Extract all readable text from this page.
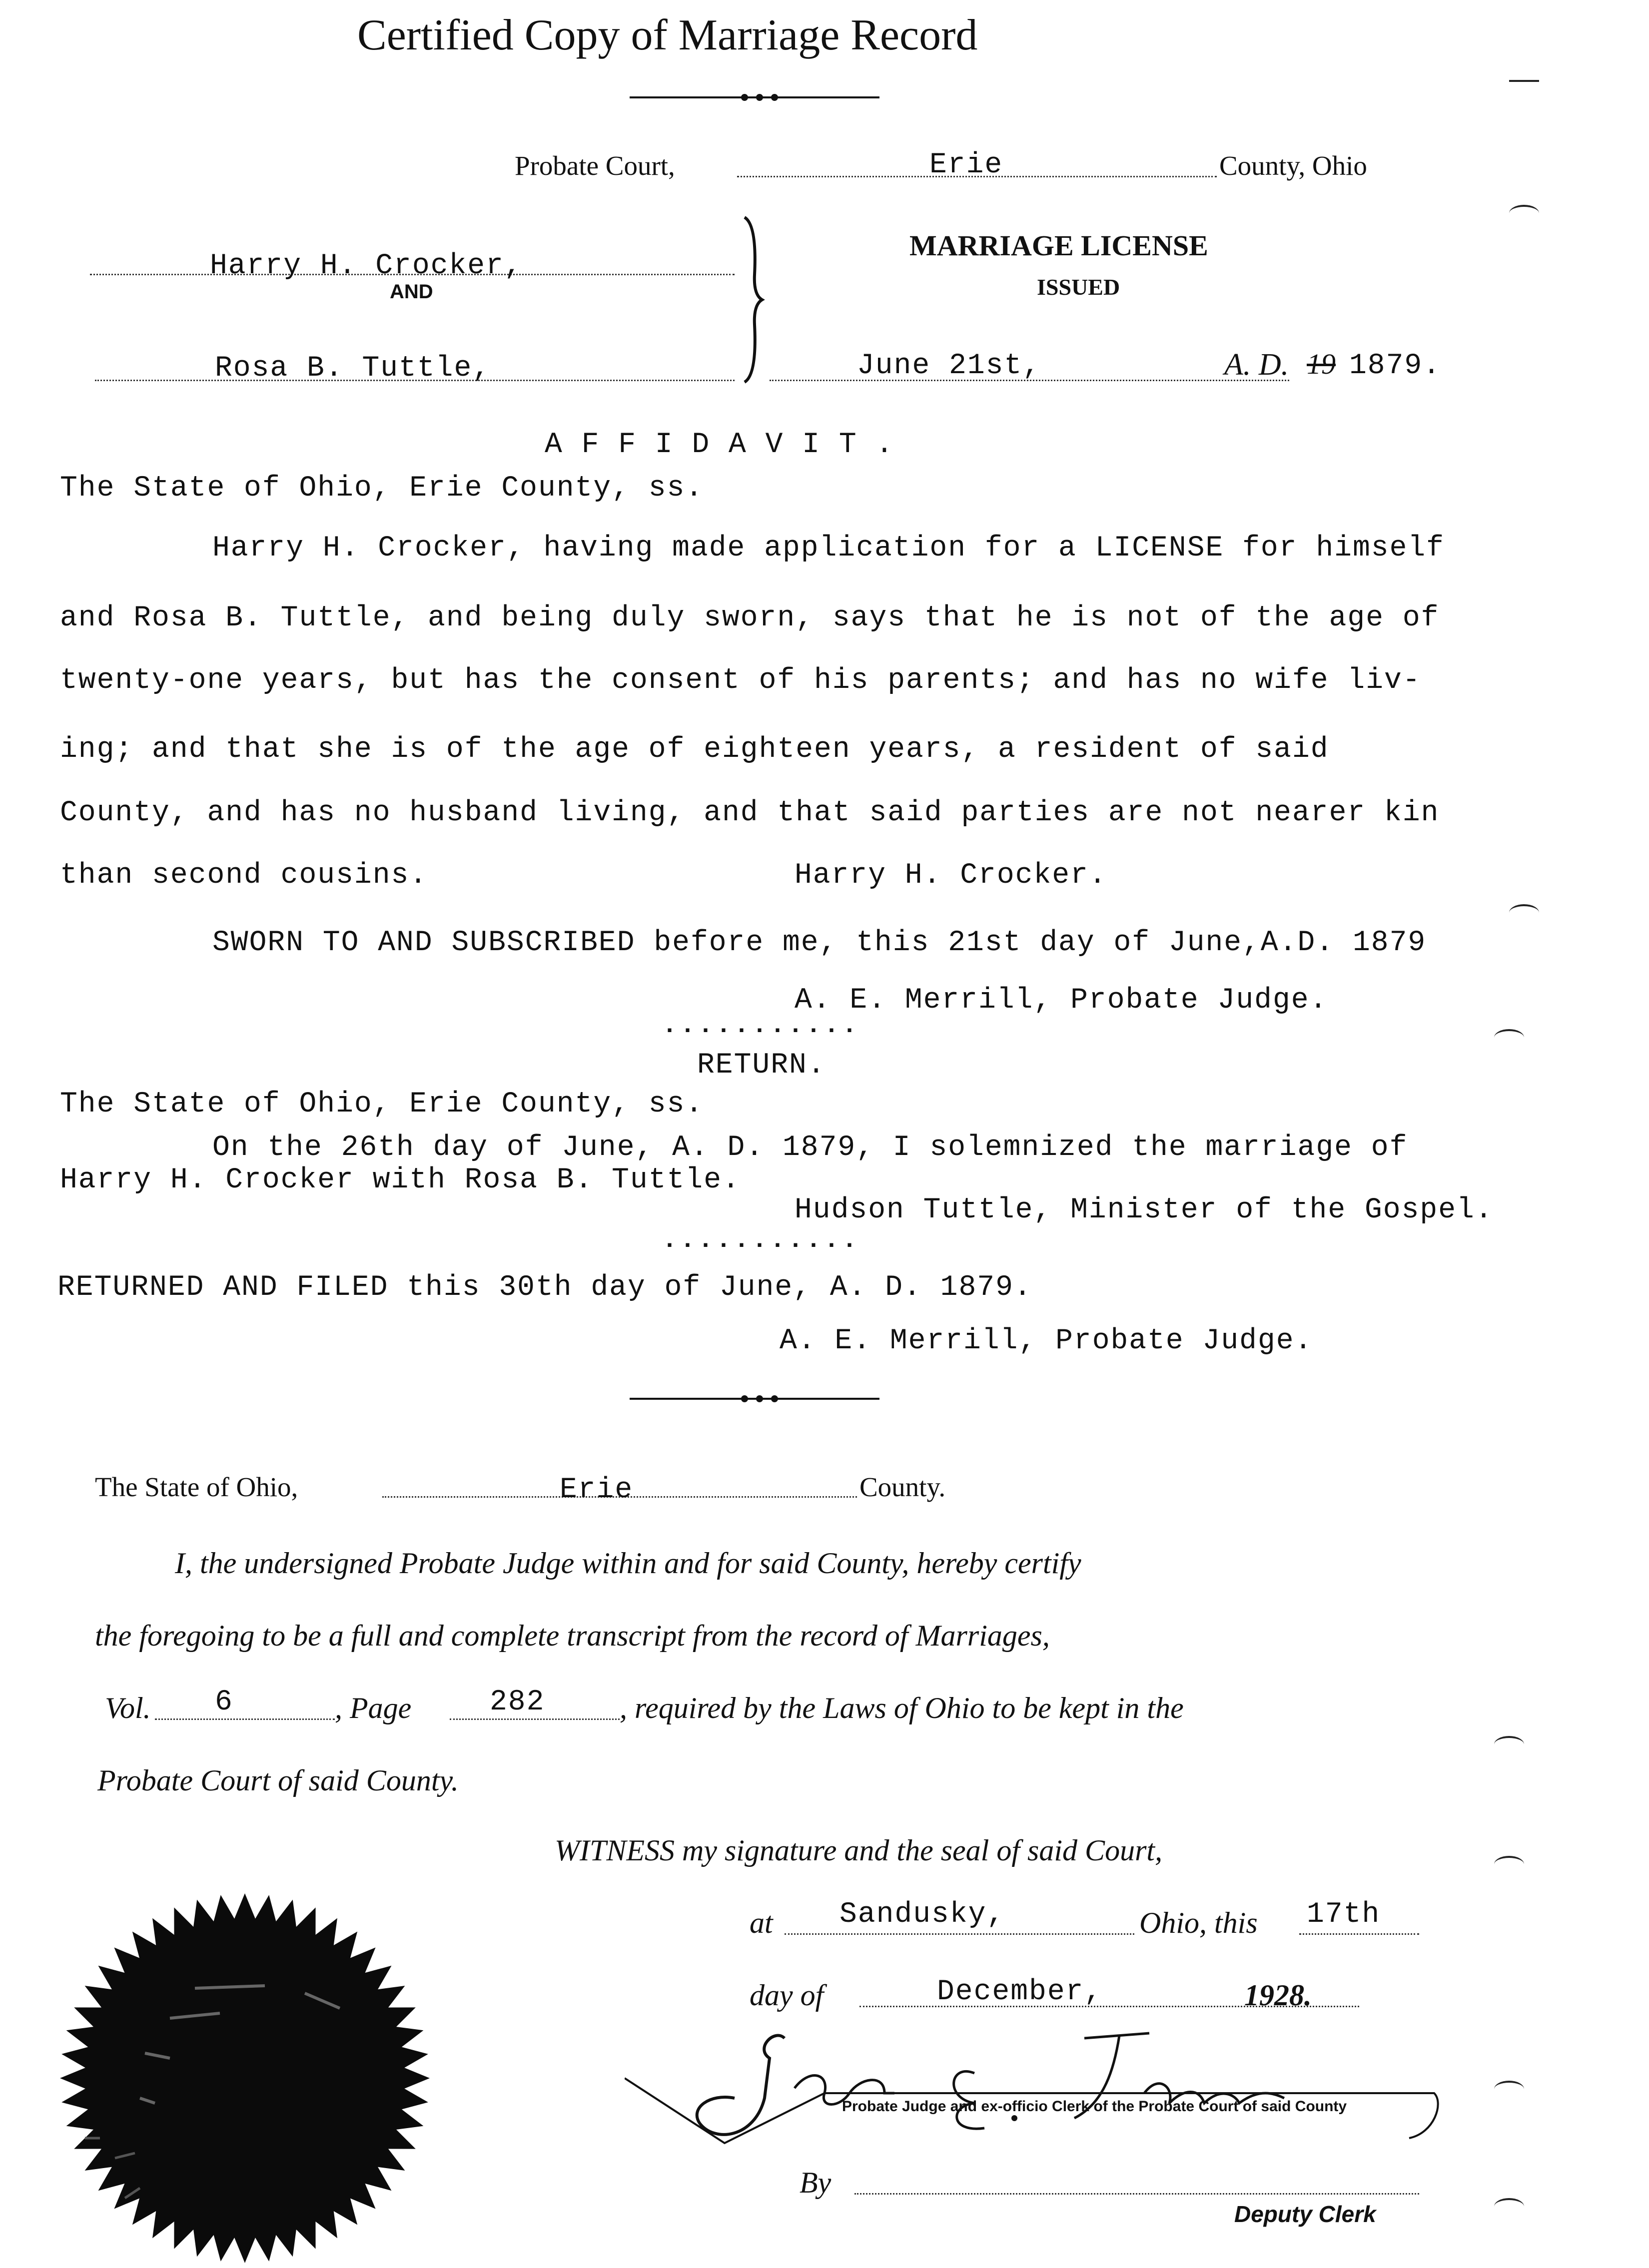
Certified Copy of Marriage Record
Probate Court,	Erie	County, Ohio
Harry H. Crocker,
AND
Rosa B. Tuttle,
MARRIAGE LICENSE
ISSUED
June 21st,	A. D. 19 1879.
A F F I D A V I T .
The State of Ohio, Erie County, ss.
Harry H. Crocker, having made application for a LICENSE for himself
and Rosa B. Tuttle, and being duly sworn, says that he is not of the age of
twenty-one years, but has the consent of his parents; and has no wife liv-
ing; and that she is of the age of eighteen years, a resident of said
County, and has no husband living, and that said parties are not nearer kin
than second cousins.	Harry H. Crocker.
SWORN TO AND SUBSCRIBED before me, this 21st day of June,A.D. 1879
A. E. Merrill, Probate Judge.
...........
RETURN.
The State of Ohio, Erie County, ss.
On the 26th day of June, A. D. 1879, I solemnized the marriage of
Harry H. Crocker with Rosa B. Tuttle.
Hudson Tuttle, Minister of the Gospel.
...........
RETURNED AND FILED this 30th day of June, A. D. 1879.
A. E. Merrill, Probate Judge.
The State of Ohio,	Erie	County.
I, the undersigned Probate Judge within and for said County, hereby certify
the foregoing to be a full and complete transcript from the record of Marriages,
Vol. 6	, Page	282 , required by the Laws of Ohio to be kept in the
Probate Court of said County.
WITNESS my signature and the seal of said Court,
at Sandusky,	Ohio, this 17th
day of	December,	1928.
Probate Judge and ex-officio Clerk of the Probate Court of said County
By
Deputy Clerk
